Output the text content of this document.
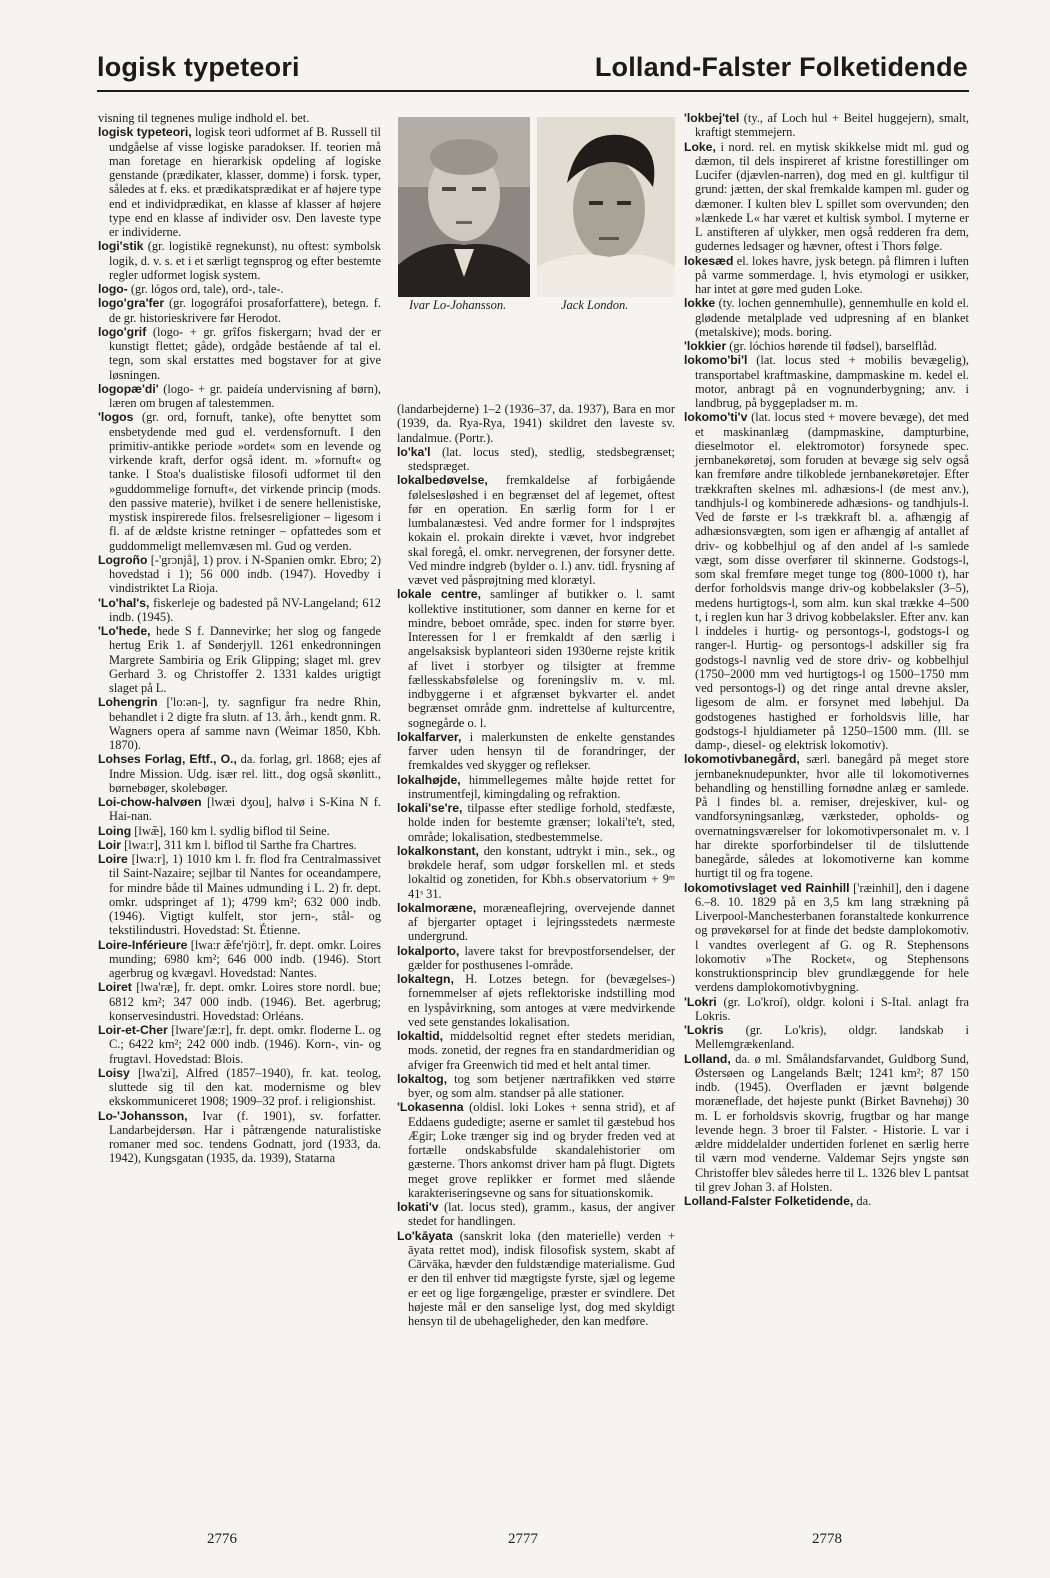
logisk typeteori	Lolland-Falster Folketidende
Ivar Lo-Johansson.	Jack London.

visning til tegnenes mulige indhold el. bet.

logisk typeteori, logisk teori udformet af B. Russell til undgåelse af visse logiske paradokser. If. teorien må man foretage en hierarkisk opdeling af logiske genstande (prædikater, klasser, domme) i forsk. typer, således at f. eks. et prædikatsprædikat er af højere type end et individprædikat, en klasse af klasser af højere type end en klasse af individer osv. Den laveste type er individerne.

logi'stik (gr. logistikē regnekunst), nu oftest: symbolsk logik, d. v. s. et i et særligt tegnsprog og efter bestemte regler udformet logisk system.

logo- (gr. lógos ord, tale), ord-, tale-.

logo'gra'fer (gr. logográfoi prosaforfattere), betegn. f. de gr. historieskrivere før Herodot.

logo'grif (logo- + gr. grîfos fiskergarn; hvad der er kunstigt flettet; gåde), ordgåde bestående af tal el. tegn, som skal erstattes med bogstaver for at give løsningen.

logopæ'di' (logo- + gr. paideía undervisning af børn), læren om brugen af talestemmen.

'logos (gr. ord, fornuft, tanke), ofte benyttet som ensbetydende med gud el. verdensfornuft. I den primitiv-antikke periode »ordet« som en levende og virkende kraft, derfor også ident. m. »fornuft« og tanke. I Stoa's dualistiske filosofi udformet til den »guddommelige fornuft«, det virkende princip (mods. den passive materie), hvilket i de senere hellenistiske, mystisk inspirerede filos. frelsesreligioner – ligesom i fl. af de ældste kristne retninger – opfattedes som et guddommeligt mellemvæsen ml. Gud og verden.

Logroño [-'grɔnjå], 1) prov. i N-Spanien omkr. Ebro; 2) hovedstad i 1); 56 000 indb. (1947). Hovedby i vindistriktet La Rioja.

'Lo'hal's, fiskerleje og badested på NV-Langeland; 612 indb. (1945).

'Lo'hede, hede S f. Dannevirke; her slog og fangede hertug Erik 1. af Sønderjyll. 1261 enkedronningen Margrete Sambiria og Erik Glipping; slaget ml. grev Gerhard 3. og Christoffer 2. 1331 kaldes urigtigt slaget på L.

Lohengrin ['lo:ən-], ty. sagnfigur fra nedre Rhin, behandlet i 2 digte fra slutn. af 13. årh., kendt gnm. R. Wagners opera af samme navn (Weimar 1850, Kbh. 1870).

Lohses Forlag, Eftf., O., da. forlag, grl. 1868; ejes af Indre Mission. Udg. især rel. litt., dog også skønlitt., børnebøger, skolebøger.

Loi-chow-halvøen [lwæi dʒou], halvø i S-Kina N f. Hai-nan.

Loing [lwæ̃], 160 km l. sydlig biflod til Seine.

Loir [lwa:r], 311 km l. biflod til Sarthe fra Chartres.

Loire [lwa:r], 1) 1010 km l. fr. flod fra Centralmassivet til Saint-Nazaire; sejlbar til Nantes for oceandampere, for mindre både til Maines udmunding i L. 2) fr. dept. omkr. udspringet af 1); 4799 km²; 632 000 indb. (1946). Vigtigt kulfelt, stor jern-, stål- og tekstilindustri. Hovedstad: St. Étienne.

Loire-Inférieure [lwa:r æ̃fe'rjö:r], fr. dept. omkr. Loires munding; 6980 km²; 646 000 indb. (1946). Stort agerbrug og kvægavl. Hovedstad: Nantes.

Loiret [lwa'ræ], fr. dept. omkr. Loires store nordl. bue; 6812 km²; 347 000 indb. (1946). Bet. agerbrug; konservesindustri. Hovedstad: Orléans.

Loir-et-Cher [lware'ʃæ:r], fr. dept. omkr. floderne L. og C.; 6422 km²; 242 000 indb. (1946). Korn-, vin- og frugtavl. Hovedstad: Blois.

Loisy [lwa'zi], Alfred (1857–1940), fr. kat. teolog, sluttede sig til den kat. modernisme og blev ekskommuniceret 1908; 1909–32 prof. i religionshist.

Lo-'Johansson, Ivar (f. 1901), sv. forfatter. Landarbejdersøn. Har i påtrængende naturalistiske romaner med soc. tendens Godnatt, jord (1933, da. 1942), Kungsgatan (1935, da. 1939), Statarna

(landarbejderne) 1–2 (1936–37, da. 1937), Bara en mor (1939, da. Rya-Rya, 1941) skildret den laveste sv. landalmue. (Portr.).

lo'ka'l (lat. locus sted), stedlig, stedsbegrænset; stedspræget.

lokalbedøvelse, fremkaldelse af forbigående følelsesløshed i en begrænset del af legemet, oftest før en operation. En særlig form for l er lumbalanæstesi. Ved andre former for l indsprøjtes kokain el. prokain direkte i vævet, hvor indgrebet skal foregå, el. omkr. nervegrenen, der forsyner dette. Ved mindre indgreb (bylder o. l.) anv. tidl. frysning af vævet ved påsprøjtning med klorætyl.

lokale centre, samlinger af butikker o. l. samt kollektive institutioner, som danner en kerne for et mindre, beboet område, spec. inden for større byer. Interessen for l er fremkaldt af den særlig i angelsaksisk byplanteori siden 1930erne rejste kritik af livet i storbyer og tilsigter at fremme fællesskabsfølelse og foreningsliv m. v. ml. indbyggerne i et afgrænset bykvarter el. andet begrænset område gnm. indrettelse af kulturcentre, sognegårde o. l.

lokalfarver, i malerkunsten de enkelte genstandes farver uden hensyn til de forandringer, der fremkaldes ved skygger og reflekser.

lokalhøjde, himmellegemes målte højde rettet for instrumentfejl, kimingdaling og refraktion.

lokali'se're, tilpasse efter stedlige forhold, stedfæste, holde inden for bestemte grænser; lokali'te't, sted, område; lokalisation, stedbestemmelse.

lokalkonstant, den konstant, udtrykt i min., sek., og brøkdele heraf, som udgør forskellen ml. et steds lokaltid og zonetiden, for Kbh.s observatorium + 9ᵐ 41ˢ 31.

lokalmoræne, moræneaflejring, overvejende dannet af bjergarter optaget i lejringsstedets nærmeste undergrund.

lokalporto, lavere takst for brevpostforsendelser, der gælder for posthusenes l-område.

lokaltegn, H. Lotzes betegn. for (bevægelses-) fornemmelser af øjets reflektoriske indstilling mod en lyspåvirkning, som antoges at være medvirkende ved sete genstandes lokalisation.

lokaltid, middelsoltid regnet efter stedets meridian, mods. zonetid, der regnes fra en standardmeridian og afviger fra Greenwich tid med et helt antal timer.

lokaltog, tog som betjener nærtrafikken ved større byer, og som alm. standser på alle stationer.

'Lokasenna (oldisl. loki Lokes + senna strid), et af Eddaens gudedigte; aserne er samlet til gæstebud hos Ægir; Loke trænger sig ind og bryder freden ved at fortælle ondskabsfulde skandalehistorier om gæsterne. Thors ankomst driver ham på flugt. Digtets meget grove replikker er formet med slående karakteriseringsevne og sans for situationskomik.

lokati'v (lat. locus sted), gramm., kasus, der angiver stedet for handlingen.

Lo'kāyata (sanskrit loka (den materielle) verden + āyata rettet mod), indisk filosofisk system, skabt af Cārvāka, hævder den fuldstændige materialisme. Gud er den til enhver tid mægtigste fyrste, sjæl og legeme er eet og lige forgængelige, præster er svindlere. Det højeste mål er den sanselige lyst, dog med skyldigt hensyn til de ubehageligheder, den kan medføre.

'lokbej'tel (ty., af Loch hul + Beitel huggejern), smalt, kraftigt stemmejern.

Loke, i nord. rel. en mytisk skikkelse midt ml. gud og dæmon, til dels inspireret af kristne forestillinger om Lucifer (djævlen-narren), dog med en gl. kultfigur til grund: jætten, der skal fremkalde kampen ml. guder og dæmoner. I kulten blev L spillet som overvunden; den »lænkede L« har været et kultisk symbol. I myterne er L anstifteren af ulykker, men også redderen fra dem, gudernes ledsager og hævner, oftest i Thors følge.

lokesæd el. lokes havre, jysk betegn. på flimren i luften på varme sommerdage. l, hvis etymologi er usikker, har intet at gøre med guden Loke.

lokke (ty. lochen gennemhulle), gennemhulle en kold el. glødende metalplade ved udpresning af en blanket (metalskive); mods. boring.

'lokkier (gr. lóchios hørende til fødsel), barselflåd.

lokomo'bi'l (lat. locus sted + mobilis bevægelig), transportabel kraftmaskine, dampmaskine m. kedel el. motor, anbragt på en vognunderbygning; anv. i landbrug, på byggepladser m. m.

lokomo'ti'v (lat. locus sted + movere bevæge), det med et maskinanlæg (dampmaskine, dampturbine, dieselmotor el. elektromotor) forsynede spec. jernbanekøretøj, som foruden at bevæge sig selv også kan fremføre andre tilkoblede jernbanekøretøjer. Efter trækkraften skelnes ml. adhæsions-l (de mest anv.), tandhjuls-l og kombinerede adhæsions- og tandhjuls-l. Ved de første er l-s trækkraft bl. a. afhængig af adhæsionsvægten, som igen er afhængig af antallet af driv- og kobbelhjul og af den andel af l-s samlede vægt, som disse overfører til skinnerne. Godstogs-l, som skal fremføre meget tunge tog (800-1000 t), har derfor forholdsvis mange driv-og kobbelaksler (3–5), medens hurtigtogs-l, som alm. kun skal trække 4–500 t, i reglen kun har 3 drivog kobbelaksler. Efter anv. kan l inddeles i hurtig- og persontogs-l, godstogs-l og ranger-l. Hurtig- og persontogs-l adskiller sig fra godstogs-l navnlig ved de store driv- og kobbelhjul (1750–2000 mm ved hurtigtogs-l og 1500–1750 mm ved persontogs-l) og det ringe antal drevne aksler, ligesom de alm. er forsynet med løbehjul. Da godstogenes hastighed er forholdsvis lille, har godstogs-l hjuldiameter på 1250–1500 mm. (Ill. se damp-, diesel- og elektrisk lokomotiv).

lokomotivbanegård, særl. banegård på meget store jernbaneknudepunkter, hvor alle til lokomotivernes behandling og henstilling fornødne anlæg er samlede. På l findes bl. a. remiser, drejeskiver, kul- og vandforsyningsanlæg, værksteder, opholds- og overnatningsværelser for lokomotivpersonalet m. v. l har direkte sporforbindelser til de tilsluttende banegårde, således at lokomotiverne kan komme hurtigt til og fra togene.

lokomotivslaget ved Rainhill ['ræinhil], den i dagene 6.–8. 10. 1829 på en 3,5 km lang strækning på Liverpool-Manchesterbanen foranstaltede konkurrence og prøvekørsel for at finde det bedste damplokomotiv. l vandtes overlegent af G. og R. Stephensons lokomotiv »The Rocket«, og Stephensons konstruktionsprincip blev grundlæggende for hele verdens damplokomotivbygning.

'Lokri (gr. Lo'kroí), oldgr. koloni i S-Ital. anlagt fra Lokris.

'Lokris (gr. Lo'kris), oldgr. landskab i Mellemgrækenland.

Lolland, da. ø ml. Smålandsfarvandet, Guldborg Sund, Østersøen og Langelands Bælt; 1241 km²; 87 150 indb. (1945). Overfladen er jævnt bølgende moræneflade, det højeste punkt (Birket Bavnehøj) 30 m. L er forholdsvis skovrig, frugtbar og har mange levende hegn. 3 broer til Falster. - Historie. L var i ældre middelalder undertiden forlenet en særlig herre til værn mod venderne. Valdemar Sejrs yngste søn Christoffer blev således herre til L. 1326 blev L pantsat til grev Johan 3. af Holsten.

Lolland-Falster Folketidende, da.

2776	2777	2778
